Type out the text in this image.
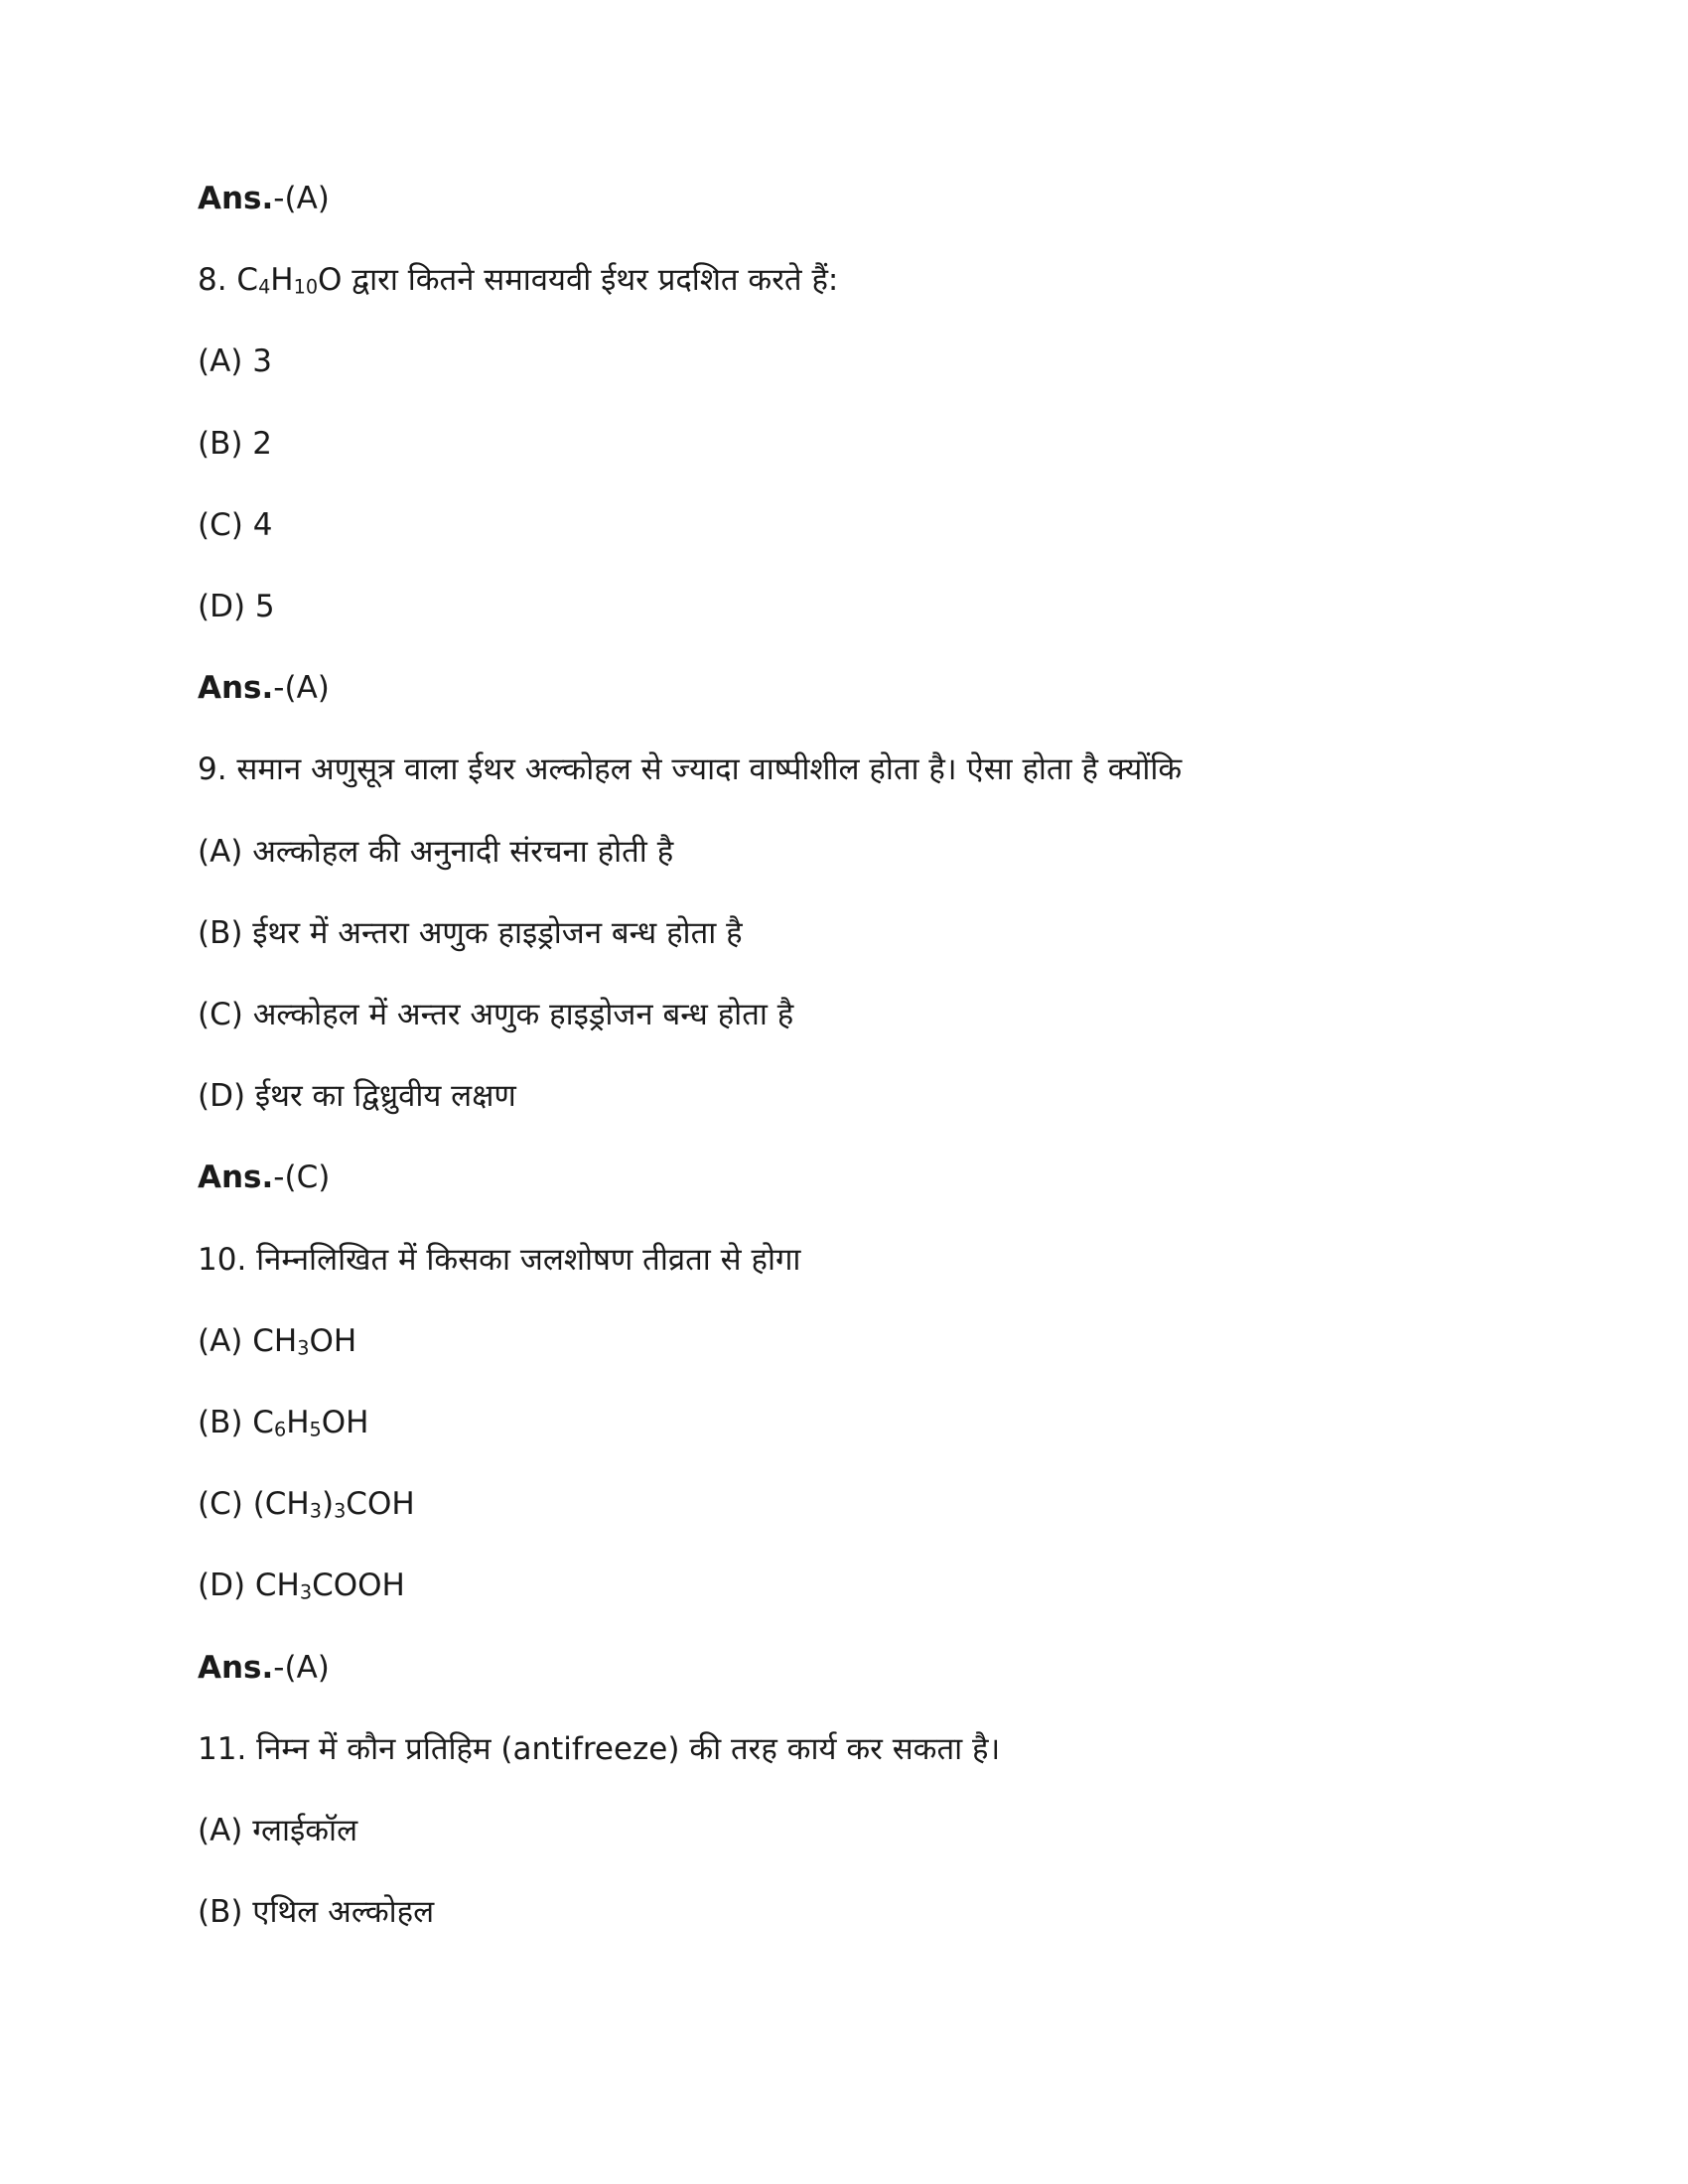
Ans.-(A)
8. $C_4H_{10}O$ द्वारा कितने समावयवी ईथर प्रदशित करते हैं:
(A) 3
(B) 2
(C) 4
(D) 5
Ans.-(A)
9. समान अणुसूत्र वाला ईथर अल्कोहल से ज्यादा वाष्पीशील होता है। ऐसा होता है क्योंकि
(A) अल्कोहल की अनुनादी संरचना होती है
(B) ईथर में अन्तरा अणुक हाइड्रोजन बन्ध होता है
(C) अल्कोहल में अन्तर अणुक हाइड्रोजन बन्ध होता है
(D) ईथर का द्विध्रुवीय लक्षण
Ans.-(C)
10. निम्नलिखित में किसका जलशोषण तीव्रता से होगा
(A) $CH_3OH$
(B) $C_6H_5OH$
(C) $(CH_3)_3COH$
(D) $CH_3COOH$
Ans.-(A)
11. निम्न में कौन प्रतिहिम (antifreeze) की तरह कार्य कर सकता है।
(A) ग्लाईकॉल
(B) एथिल अल्कोहल
